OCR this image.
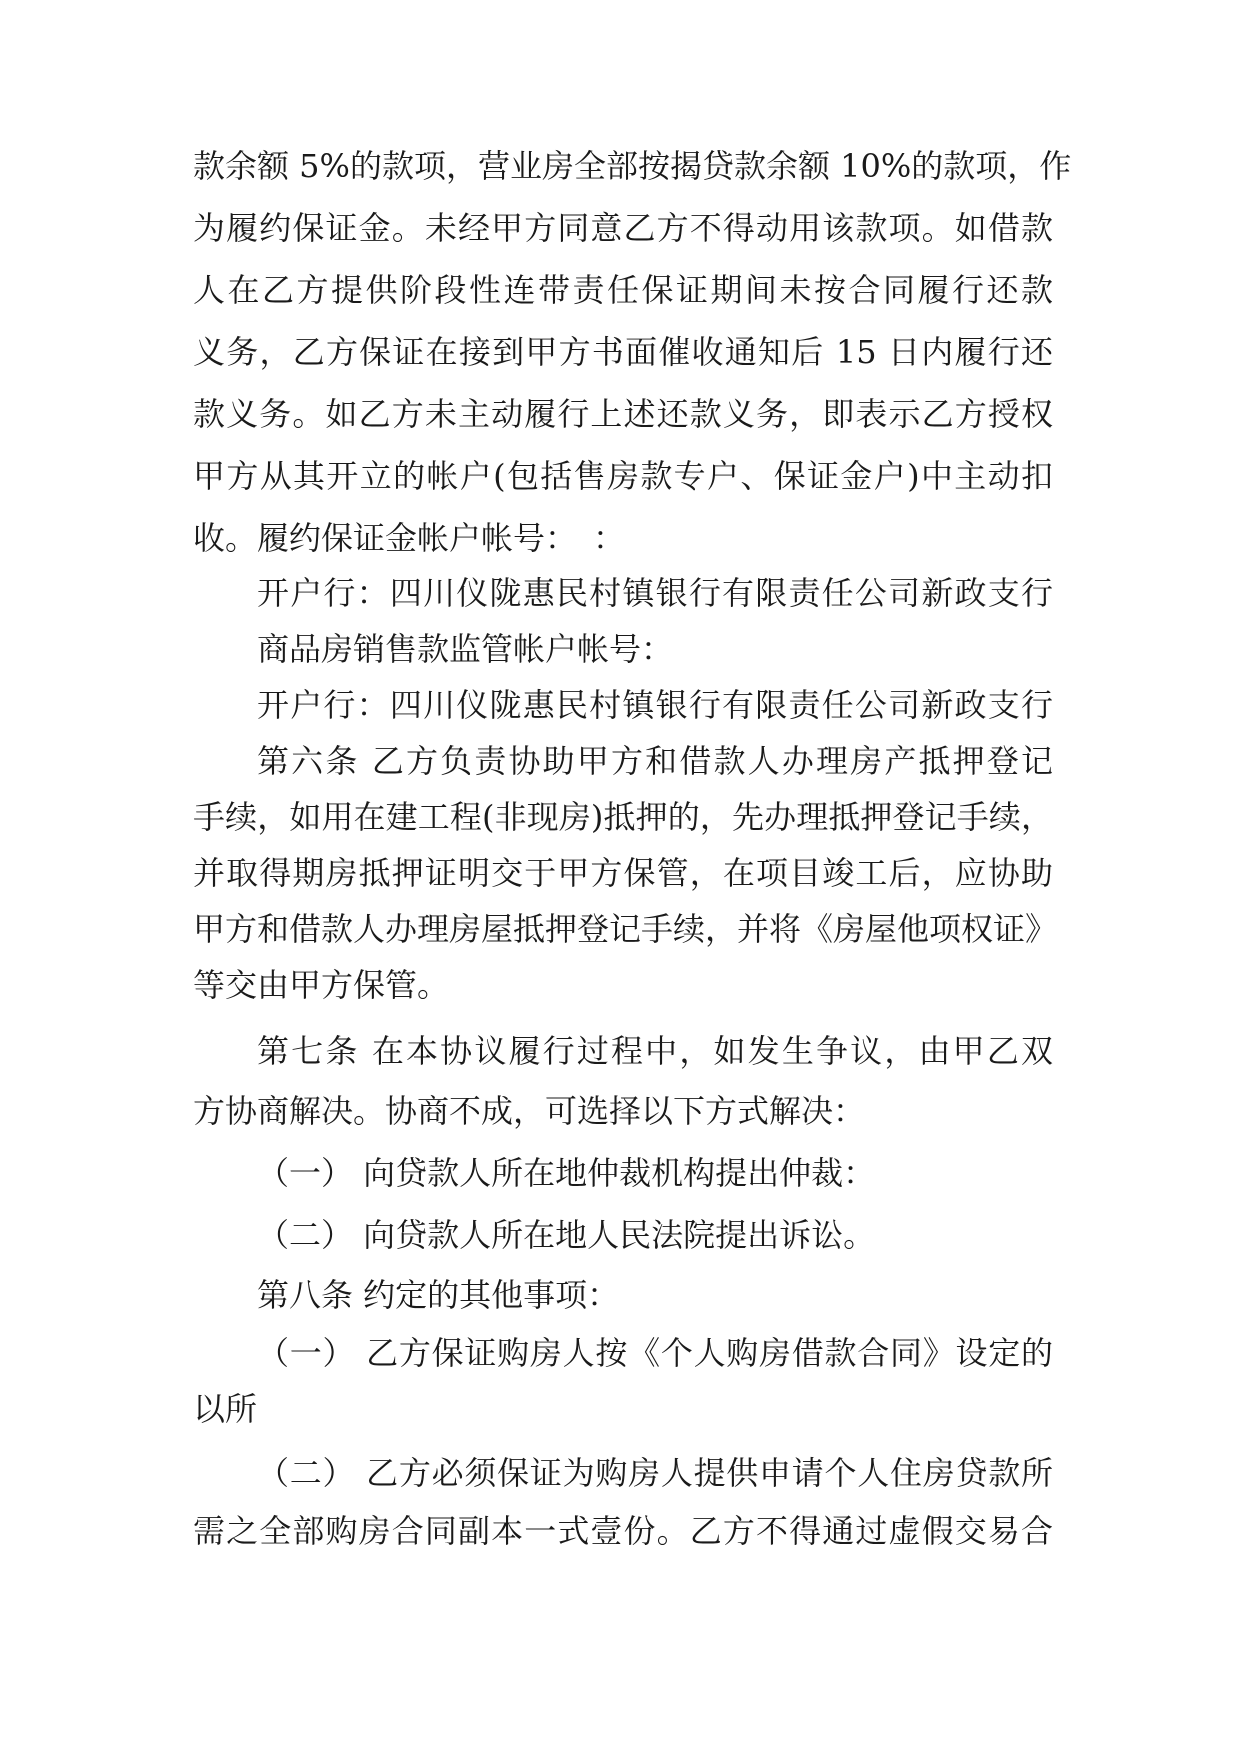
款余额 5%的款项，营业房全部按揭贷款余额 10%的款项，作
为履约保证金。未经甲方同意乙方不得动用该款项。如借款
人在乙方提供阶段性连带责任保证期间未按合同履行还款
义务，乙方保证在接到甲方书面催收通知后 15 日内履行还
款义务。如乙方未主动履行上述还款义务，即表示乙方授权
甲方从其开立的帐户(包括售房款专户、保证金户)中主动扣
收。履约保证金帐户帐号：　：
开户行：四川仪陇惠民村镇银行有限责任公司新政支行
商品房销售款监管帐户帐号：
开户行：四川仪陇惠民村镇银行有限责任公司新政支行
第六条 乙方负责协助甲方和借款人办理房产抵押登记
手续，如用在建工程(非现房)抵押的，先办理抵押登记手续，
并取得期房抵押证明交于甲方保管，在项目竣工后，应协助
甲方和借款人办理房屋抵押登记手续，并将《房屋他项权证》
等交由甲方保管。
第七条 在本协议履行过程中，如发生争议，由甲乙双
方协商解决。协商不成，可选择以下方式解决：
（一） 向贷款人所在地仲裁机构提出仲裁：
（二） 向贷款人所在地人民法院提出诉讼。
第八条 约定的其他事项：
（一） 乙方保证购房人按《个人购房借款合同》设定的
以所
（二） 乙方必须保证为购房人提供申请个人住房贷款所
需之全部购房合同副本一式壹份。乙方不得通过虚假交易合
